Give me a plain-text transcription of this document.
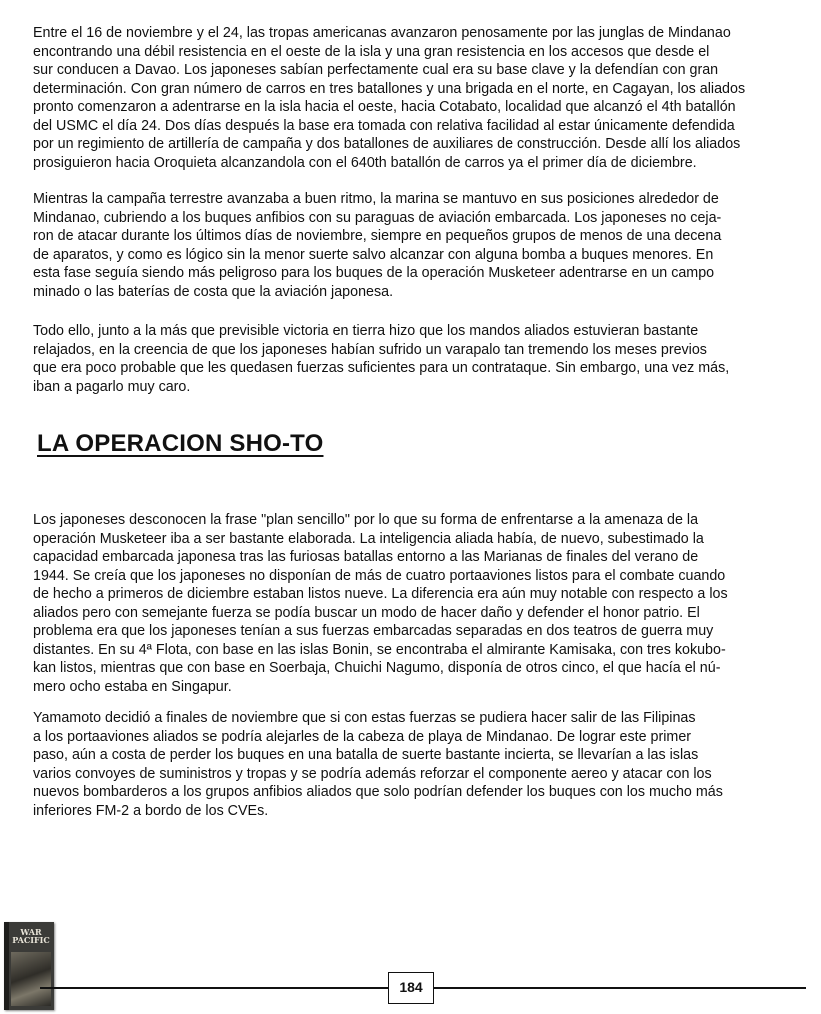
Entre el 16 de noviembre y el 24, las tropas americanas avanzaron penosamente por las junglas de Mindanao
encontrando una débil resistencia en el oeste de la isla y una gran resistencia en los accesos que desde el
sur conducen a Davao. Los japoneses sabían perfectamente cual era su base clave y la defendían con gran
determinación. Con gran número de carros en tres batallones y una brigada en el norte, en Cagayan, los aliados
pronto comenzaron a adentrarse en la isla hacia el oeste, hacia Cotabato, localidad que alcanzó el 4th batallón
del USMC el día 24. Dos días después la base era tomada con relativa facilidad al estar únicamente defendida
por un regimiento de artillería de campaña y dos batallones de auxiliares de construcción. Desde allí los aliados
prosiguieron hacia Oroquieta alcanzandola con el 640th batallón de carros ya el primer día de diciembre.
Mientras la campaña terrestre avanzaba a buen ritmo, la marina se mantuvo en sus posiciones alrededor de
Mindanao, cubriendo a los buques anfibios con su paraguas de aviación embarcada. Los japoneses no ceja-
ron de atacar durante los últimos días de noviembre, siempre en pequeños grupos de menos de una decena
de aparatos, y como es lógico sin la menor suerte salvo alcanzar con alguna bomba a buques menores. En
esta fase seguía siendo más peligroso para los buques de la operación Musketeer adentrarse en un campo
minado o las baterías de costa que la aviación japonesa.
Todo ello, junto a la más que previsible victoria en tierra hizo que los mandos aliados estuvieran bastante
relajados, en la creencia de que los japoneses habían sufrido un varapalo tan tremendo los meses previos
que era poco probable que les quedasen fuerzas suficientes para un contrataque. Sin embargo, una vez más,
iban a pagarlo muy caro.
LA OPERACION SHO-TO
Los japoneses desconocen la frase "plan sencillo" por lo que su forma de enfrentarse a la amenaza de la
operación Musketeer iba a ser bastante elaborada. La inteligencia aliada había, de nuevo, subestimado la
capacidad embarcada japonesa tras las furiosas batallas entorno a las Marianas de finales del verano de
1944. Se creía que los japoneses no disponían de más de cuatro portaaviones listos para el combate cuando
de hecho a primeros de diciembre estaban listos nueve. La diferencia era aún muy notable con respecto a los
aliados pero con semejante fuerza se podía buscar un modo de hacer daño y defender el honor patrio. El
problema era que los japoneses tenían a sus fuerzas embarcadas separadas en dos teatros de guerra muy
distantes. En su 4ª Flota, con base en las islas Bonin, se encontraba el almirante Kamisaka, con tres kokubo-
kan listos, mientras que con base en Soerbaja, Chuichi Nagumo, disponía de otros cinco, el que hacía el nú-
mero ocho estaba en Singapur.
Yamamoto decidió a finales de noviembre que si con estas fuerzas se pudiera hacer salir de las Filipinas
a los portaaviones aliados se podría alejarles de la cabeza de playa de Mindanao. De lograr este primer
paso, aún a costa de perder los buques en una batalla de suerte bastante incierta, se llevarían a las islas
varios convoyes de suministros y tropas y se podría además reforzar el componente aereo y atacar con los
nuevos bombarderos a los grupos anfibios aliados que solo podrían defender los buques con los mucho más
inferiores FM-2 a bordo de los CVEs.
WAR
PACIFIC
184
